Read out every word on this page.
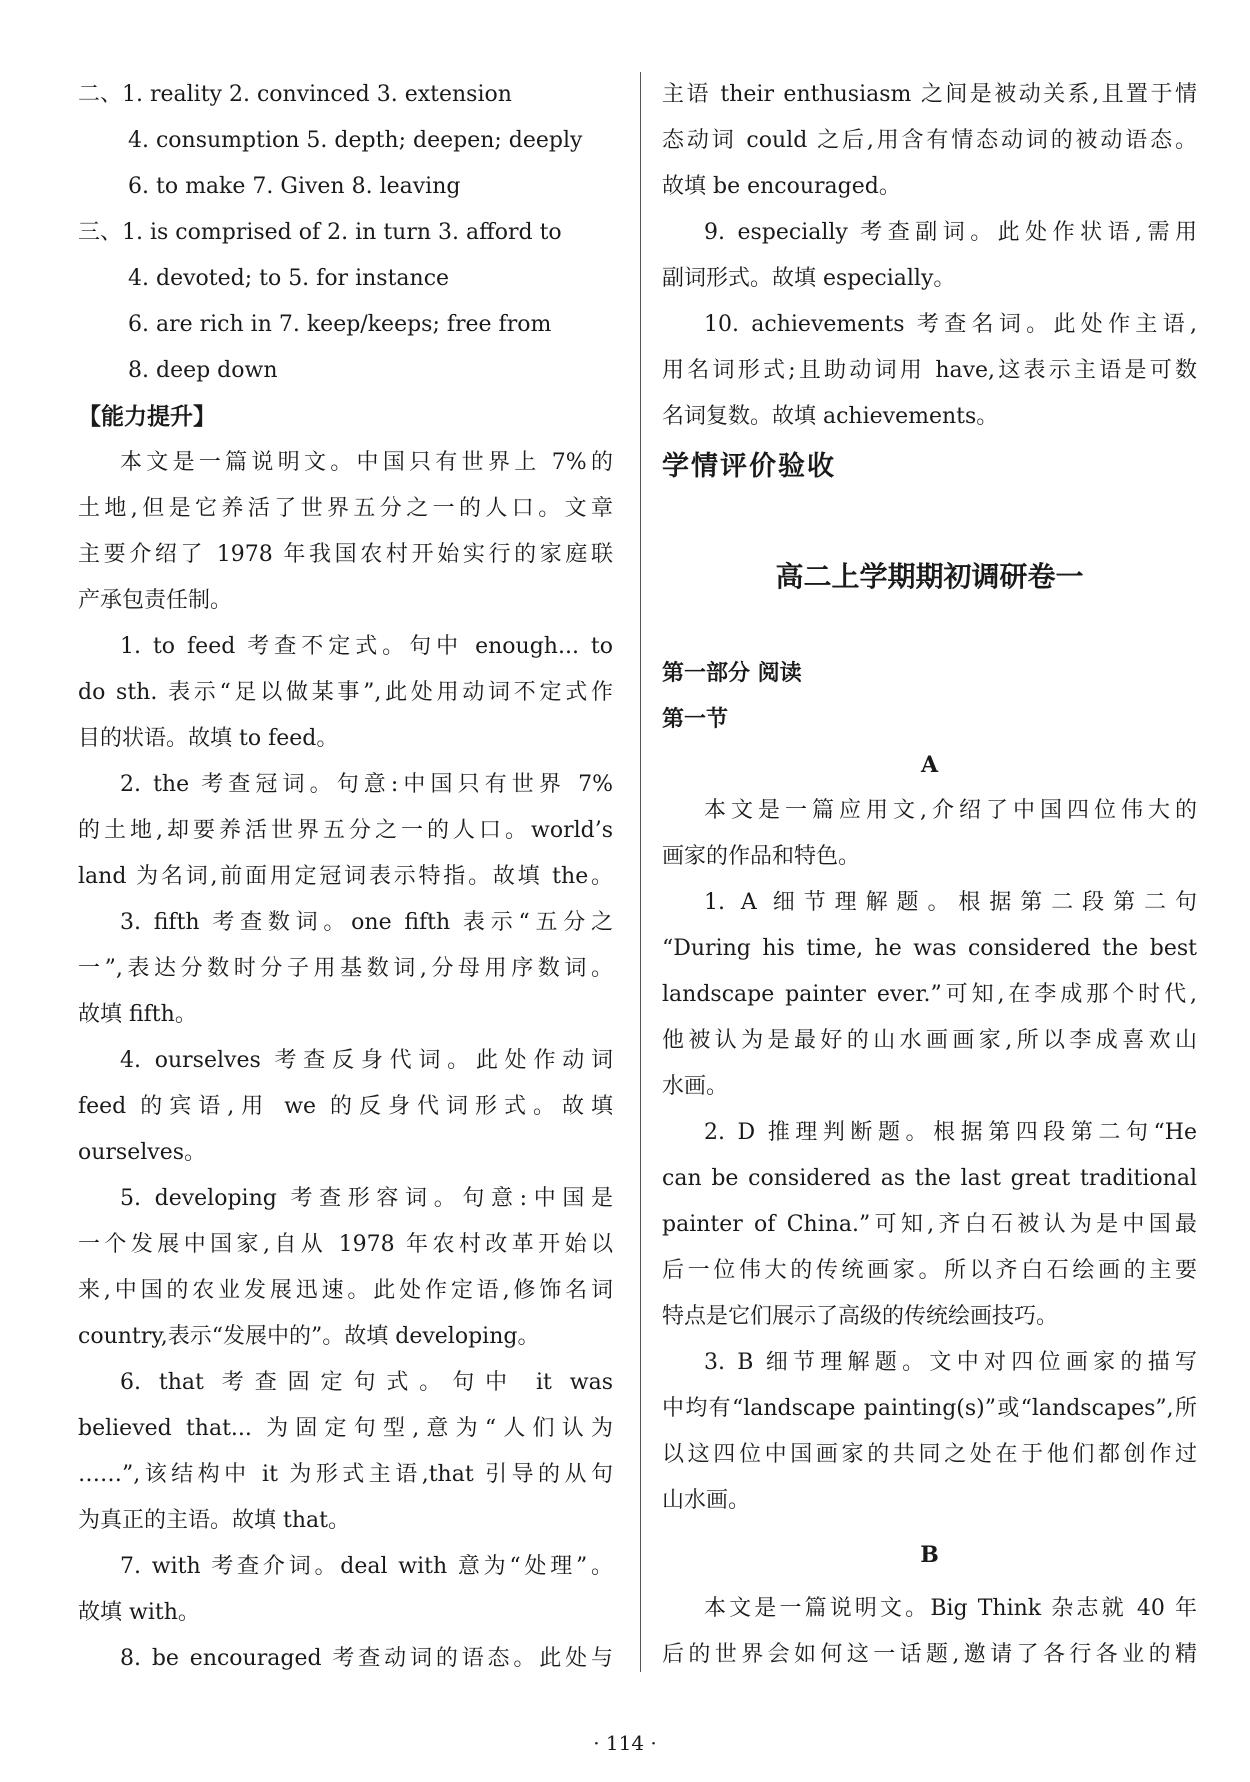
二、1. reality 2. convinced 3. extension
4. consumption 5. depth; deepen; deeply
6. to make 7. Given 8. leaving
三、1. is comprised of 2. in turn 3. afford to
4. devoted; to 5. for instance
6. are rich in 7. keep/keeps; free from
8. deep down
【能力提升】
本文是一篇说明文。中国只有世界上 7%的
土地,但是它养活了世界五分之一的人口。文章
主要介绍了 1978 年我国农村开始实行的家庭联
产承包责任制。
1. to feed 考查不定式。句中 enough... to
do sth. 表示“足以做某事”,此处用动词不定式作
目的状语。故填 to feed。
2. the 考查冠词。句意:中国只有世界 7%
的土地,却要养活世界五分之一的人口。world’s
land 为名词,前面用定冠词表示特指。故填 the。
3. fifth 考查数词。one fifth 表示“五分之
一”,表达分数时分子用基数词,分母用序数词。
故填 fifth。
4. ourselves 考查反身代词。此处作动词
feed 的宾语,用 we 的反身代词形式。故填
ourselves。
5. developing 考查形容词。句意:中国是
一个发展中国家,自从 1978 年农村改革开始以
来,中国的农业发展迅速。此处作定语,修饰名词
country,表示“发展中的”。故填 developing。
6. that 考查固定句式。句中 it was
believed that... 为固定句型,意为“人们认为
……”,该结构中 it 为形式主语,that 引导的从句
为真正的主语。故填 that。
7. with 考查介词。deal with 意为“处理”。
故填 with。
8. be encouraged 考查动词的语态。此处与
主语 their enthusiasm 之间是被动关系,且置于情
态动词 could 之后,用含有情态动词的被动语态。
故填 be encouraged。
9. especially 考查副词。此处作状语,需用
副词形式。故填 especially。
10. achievements 考查名词。此处作主语,
用名词形式;且助动词用 have,这表示主语是可数
名词复数。故填 achievements。
学情评价验收
高二上学期期初调研卷一
第一部分 阅读
第一节
A
本文是一篇应用文,介绍了中国四位伟大的
画家的作品和特色。
1. A 细节理解题。根据第二段第二句
“During his time, he was considered the best
landscape painter ever.”可知,在李成那个时代,
他被认为是最好的山水画画家,所以李成喜欢山
水画。
2. D 推理判断题。根据第四段第二句“He
can be considered as the last great traditional
painter of China.”可知,齐白石被认为是中国最
后一位伟大的传统画家。所以齐白石绘画的主要
特点是它们展示了高级的传统绘画技巧。
3. B 细节理解题。文中对四位画家的描写
中均有“landscape painting(s)”或“landscapes”,所
以这四位中国画家的共同之处在于他们都创作过
山水画。
B
本文是一篇说明文。Big Think 杂志就 40 年
后的世界会如何这一话题,邀请了各行各业的精
· 114 ·
